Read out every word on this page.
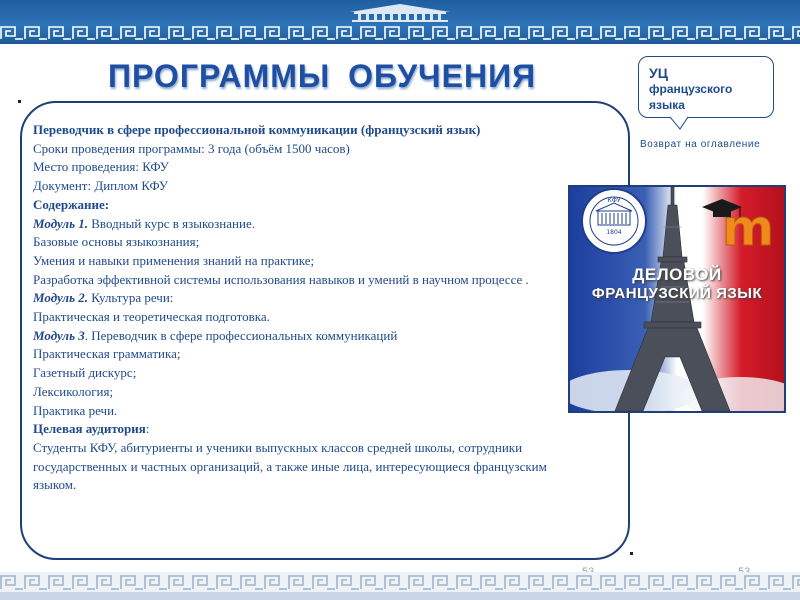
ПРОГРАММЫ ОБУЧЕНИЯ	УЦ
французского
языка
Возврат на оглавление

Переводчик в сфере профессиональной коммуникации (французский язык)

Сроки проведения программы: 3 года (объём 1500 часов)

Место проведения: КФУ

Документ: Диплом КФУ

Содержание:

Модуль 1. Вводный курс в языкознание.

Базовые основы языкознания;

Умения и навыки применения знаний на практике;

Разработка эффективной системы использования навыков и умений в научном процессе .

Модуль 2. Культура речи:

Практическая и теоретическая подготовка.

Модуль 3. Переводчик в сфере профессиональных коммуникаций

Практическая грамматика;

Газетный дискурс;

Лексикология;

Практика речи.

Целевая аудитория:

Студенты КФУ, абитуриенты и ученики выпускных классов средней школы, сотрудники

государственных и частных организаций, а также иные лица, интересующиеся французским языком.

КФУ
1804 m
ДЕЛОВОЙ
ФРАНЦУЗСКИЙ ЯЗЫК
